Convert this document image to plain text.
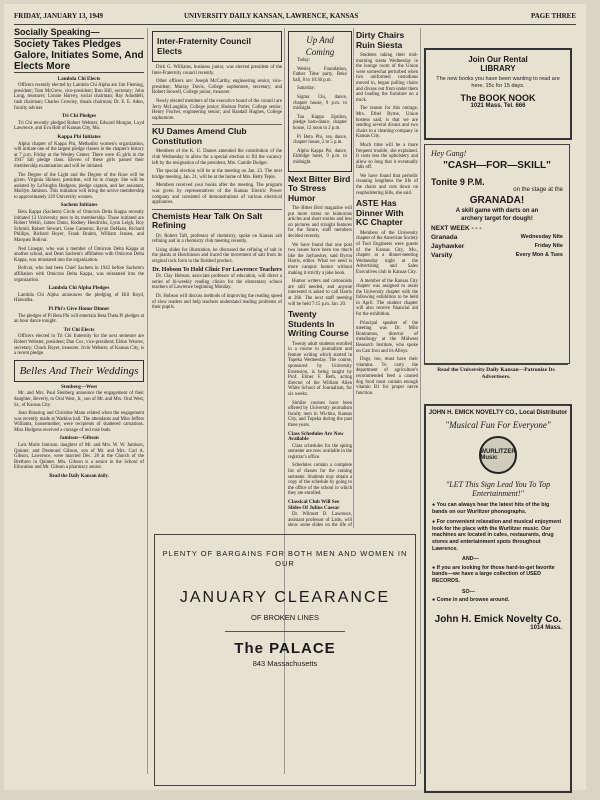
FRIDAY, JANUARY 13, 1949	UNIVERSITY DAILY KANSAN, LAWRENCE, KANSAS	PAGE THREE
Socially Speaking—
Society Takes Pledges Galore, Initiates Some, And Elects More
Lambda Chi Elects

Officers recently elected by Lambda Chi Alpha are Jim Fleming, president; Tom McGrew, vice-president; Ron Hill, secretary; John Long, treasurer; Lonnie Harvey, social chairman; Ray Aduddell, rush chairman; Charles Crowley, rituals chairman; Dr. E. E. Aden, faculty adviser.

Tri Chi Pledges

Tri Chi recently pledged Robert Webster, Edward Morgan, Loyd Lawrence, and Eva Holt of Kansas City, Mo.

Kappa Phi Initiates

Alpha chapter of Kappa Phi, Methodist women's organization, will initiate one of the largest pledge classes in the chapter's history at 7 p.m. Friday at the Wesley Center. There were 45 girls in the 1947 fall pledge class. Eleven of these girls passed their membership examination and will be initiated.

The Degree of the Light and the Degree of the Rose will be given. Virginia Skinner, president, will be in charge. She will be assisted by LaVaughn Hudgens, pledge captain, and her assistant, Marilyn Jamison. This initiation will bring the active membership to approximately 120 University women.

Sachem Initiates

Beta Kappa (Sachem) Circle of Omicron Delta Kappa recently initiated 13 University men to its membership. Those initiated are Robert Welsh, James Dunn, Rodney Hendricks, Lynn Leigh, Roy Schmid, Robert Stewart, Gene Cameron, Byron DeHaan, Richard Phillips, Richard Boyer, Frank Brahm, William Jensen, and Marquez Bolivar.

Ned Linegar, who was a member of Omicron Delta Kappa at another school, and Dean Sachem's affiliation with Omicron Delta Kappa, was reinstated into the organization.

Bolivar, who had been Chief Sachem in 1942 before Sachem's affiliation with Omicron Delta Kappa, was reinstated into the organization.

Lambda Chi Alpha Pledges

Lambda Chi Alpha announces the pledging of Bill Boyd, Hiawatha.

Pi Phi's Give Honor Dinner

The pledges of Pi Beta Phi will entertain Beta Theta Pi pledges at an hour dance tonight.

Tri Chi Elects

Officers elected in Tri Chi fraternity for the next semester are Robert Webster, president; Dan Cox, vice-president; Eldon Weaver, secretary; Chuck Boyer, treasurer. Irvin Webster, of Kansas City, is a recent pledge.

Belles And Their Weddings
Stenberg—West

Mr. and Mrs. Paul Stenberg announce the engagement of their daughter, Beverly, to Oral West, Jr., son of Mr. and Mrs. Oral West, Sr., of Kansas City.

Joan Brassing and Christine Mann related when the engagement was recently made at Watkins hall. The attendants and Miss Jeffers Williams, housemother, were recipients of shattered carnations. Miss Hudgens received a corsage of red rose buds.

Jamison—Gibson

Lois Marie Jamison, daughter of Mr. and Mrs. W. W. Jamison, Quinter, and Desmond Gibson, son of Mr. and Mrs. Carl A. Gibson, Lawrence, were married Dec. 28 at the Church of the Brethren in Quinter. Mrs. Gibson is a senior in the School of Education and Mr. Gibson a pharmacy senior.

Read the Daily Kansan daily.
Inter-Fraternity Council Elects

Dick G. Williams, business junior, was elected president of the Inter-Fraternity council recently.

Other officers are: Joseph McCarthy, engineering senior, vice-president; Murray Davis, College sophomore, secretary; and Robert Stowell, College junior, treasurer.

Newly elected members of the executive board of the council are Jerry McLaughlin, College junior; Hudson Parler, College senior; Henry Fischer, engineering senior; and Randall Hughes, College sophomore.

KU Dames Amend Club Constitution

Members of the K. U. Dames amended the constitution of the club Wednesday to allow for a special election to fill the vacancy left by the resignation of the president, Mrs. Camile Dodger.

The special election will be at the meeting on Jan. 23. The next bridge meeting, Jan. 21, will be at the home of Mrs. Betty Teple.

Members received your books after the meeting. The program was given by representatives of the Kansas Electric Power company and consisted of demonstrations of various electrical appliances.

Chemists Hear Talk On Salt Refining

Dr. Robert Taft, professor of chemistry, spoke on Kansas salt refining and in a chemistry club meeting recently.

Using slides for illustration, he discussed the refining of salt in the plants at Hutchinson and traced the movement of salt from its original rock form to the finished product.

Dr. Hobson To Hold Clinic For Lawrence Teachers

Dr. Clay Hobson, associate professor of education, will direct a series of bi-weekly reading clinics for the elementary school teachers of Lawrence beginning Monday.

Dr. Hobson will discuss methods of improving the reading speed of slow readers and help teachers understand reading problems of their pupils.

Up And Coming

Today:

Wesley Foundation, Father Time party, Reko hall, 8 to 10:30 p.m.

Saturday:

Sigma Chi, dance, chapter house, 9 p.m. to midnight.

Tau Kappa Epsilon, pledge barn-dance, chapter house, 12 noon to 2 p.m.

Pi Beta Phi, tea dance, chapter house, 2 to 5 p.m.

Alpha Kappa Psi, dance, Eldridge hotel, 9 p.m. to midnight.

Next Bitter Bird To Stress Humor

The Bitter Bird magazine will put more stress on humorous articles and short stories and less on pictures and straight features for the future, staff members decided recently.

We have found that one post two issues have been too much like the Jayhawker, said Byron Harris, editor. What we need is more campus humor without making it strictly a joke book.

Humor writers and cartoonists are still needed, and anyone interested is asked to call Harris at 266. The next staff meeting will be held 7:15 p.m. Jan. 20.

Twenty Students In Writing Course

Twenty adult students enrolled in a course in journalism and feature writing which started in Topeka Wednesday. The course, sponsored by University Extension, is being taught by Prof. Elmer F. Beth, acting director of the William Allen White School of Journalism, for six weeks.

Similar courses have been offered by University journalism faculty men in Wichita, Kansas City, and Topeka during the past three years.

Class Schedules Are Now Available

Class schedules for the spring semester are now available in the registrar's office.

Schedules contain a complete list of classes for the coming semester. Students may obtain a copy of the schedule by going to the office of the school in which they are enrolled.

Classical Club Will See Slides Of Julius Caesar

Dr. Wilmott D. Lawrence, assistant professor of Latin, will show some slides on the life of

Join Our Rental
LIBRARY
The new books you have been wanting to read are here. 15c for 15 days.
The BOOK NOOK
1021 Mass. Tel. 666
Hey Gang!
"CASH—FOR—SKILL"
Tonite 9 P.M.
on the stage at the
GRANADA!
A skill game with darts on an archery target for dough!
NEXT WEEK - - -
Granada	Wednesday Nite
Jayhawker	Friday Nite
Varsity	Every Mon & Tues
PLENTY OF BARGAINS FOR BOTH MEN AND WOMEN IN OUR
JANUARY CLEARANCE
OF BROKEN LINES
The PALACE
843 Massachusetts
JOHN H. EMICK NOVELTY CO., Local Distributor
"Musical Fun For Everyone"
WURLITZER Music
"LET This Sign Lead You To Top Entertainment!"
● You can always hear the latest hits of the big bands on our Wurlitzer phonographs.
● For convenient relaxation and musical enjoyment look for the place with the Wurlitzer music. Our machines are located in cafes, restaurants, drug stores and entertainment spots throughout Lawrence.
AND—
● If you are looking for those hard-to-get favorite bands—we have a large collection of USED RECORDS.
SO—
● Come in and browse around.
John H. Emick Novelty Co.
1014 Mass.
Read the University Daily Kansan—Patronize Its Advertisers.
Dirty Chairs Ruin Siesta

Students taking their mid-morning siesta Wednesday in the lounge room of the Union were somewhat perturbed when two uniformed custodians moved in, began pulling chairs and divans out from under them and loading the furniture on a truck.

The reason for this outrage, Mrs. Ethel Byrne, Union hostess said, is that we are sending several divans and two chairs to a cleaning company in Kansas City.

Much time will be a more frequent trouble, she explained. It costs less the upholstery and allow so long that it eventually falls off.

We have found that periodic cleaning lengthens the life of the chairs and cuts down on reupholstering bills, she said.

ASTE Has Dinner With KC Chapter

Members of the University chapter of the American Society of Tool Engineers were guests of the Kansas City, Mo., chapter at a dinner-meeting Wednesday night at the Advertising and Sales Executives club in Kansas City.

A member of the Kansas City chapter was assigned to assist the University chapter with the following exhibition to be held in April. The student chapter will also receive financial aid for the exhibition.

Principal speaker of the meeting was Dr. Milo Bontramos, director of metallurgy at the Midwest Research Institute, who spoke on Cast Iron and its Alloys.

Dogs, too, must have their vitamins. To carry the department of agriculture's recommended feed a canned dog food must contain enough vitamin B1 for proper nerve function.
